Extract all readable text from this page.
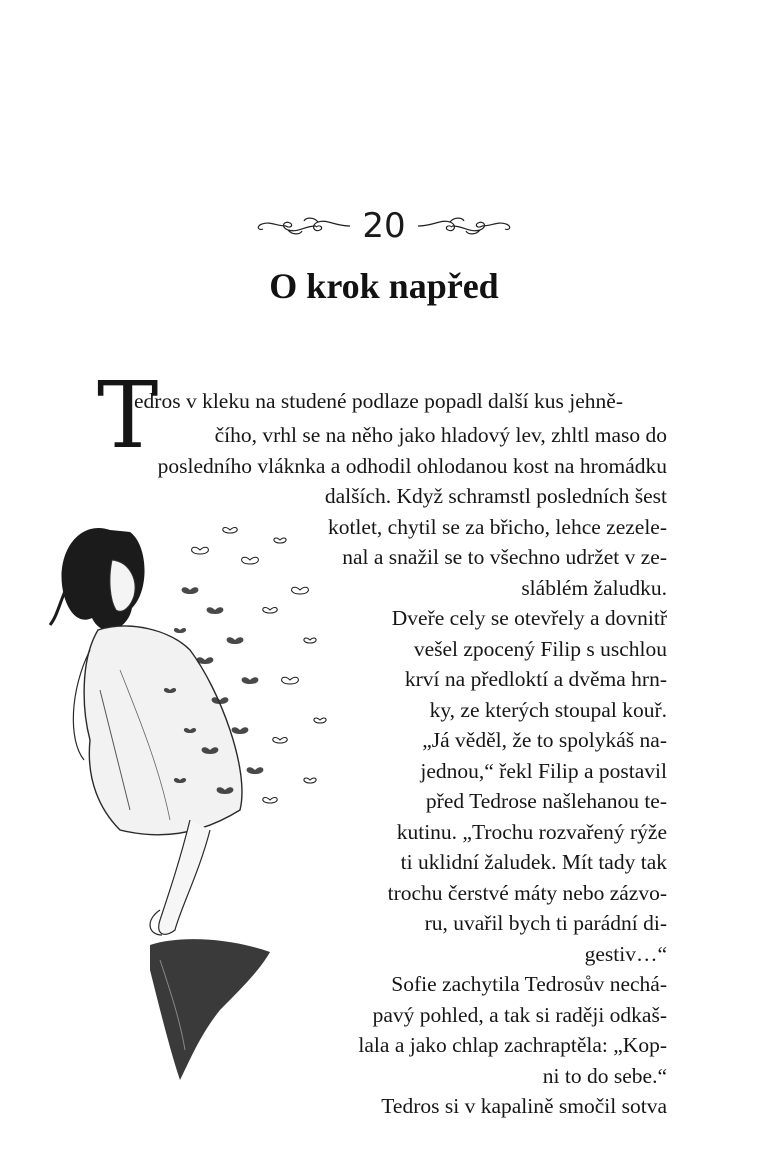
20
O krok napřed
T
edros v kleku na studené podlaze popadl další kus jehně-
čího, vrhl se na něho jako hladový lev, zhltl maso do
posledního vláknka a odhodil ohlodanou kost na hromádku
dalších. Když schramstl posledních šest
kotlet, chytil se za břicho, lehce zezele-
nal a snažil se to všechno udržet v ze-
sláblém žaludku.
Dveře cely se otevřely a dovnitř
vešel zpocený Filip s uschlou
krví na předloktí a dvěma hrn-
ky, ze kterých stoupal kouř.
„Já věděl, že to spolykáš na-
jednou,“ řekl Filip a postavil
před Tedrose našlehanou te-
kutinu. „Trochu rozvařený rýže
ti uklidní žaludek. Mít tady tak
trochu čerstvé máty nebo zázvo-
ru, uvařil bych ti parádní di-
gestiv…“
Sofie zachytila Tedrosův nechá-
pavý pohled, a tak si raději odkaš-
lala a jako chlap zachraptěla: „Kop-
ni to do sebe.“
Tedros si v kapalině smočil sotva
